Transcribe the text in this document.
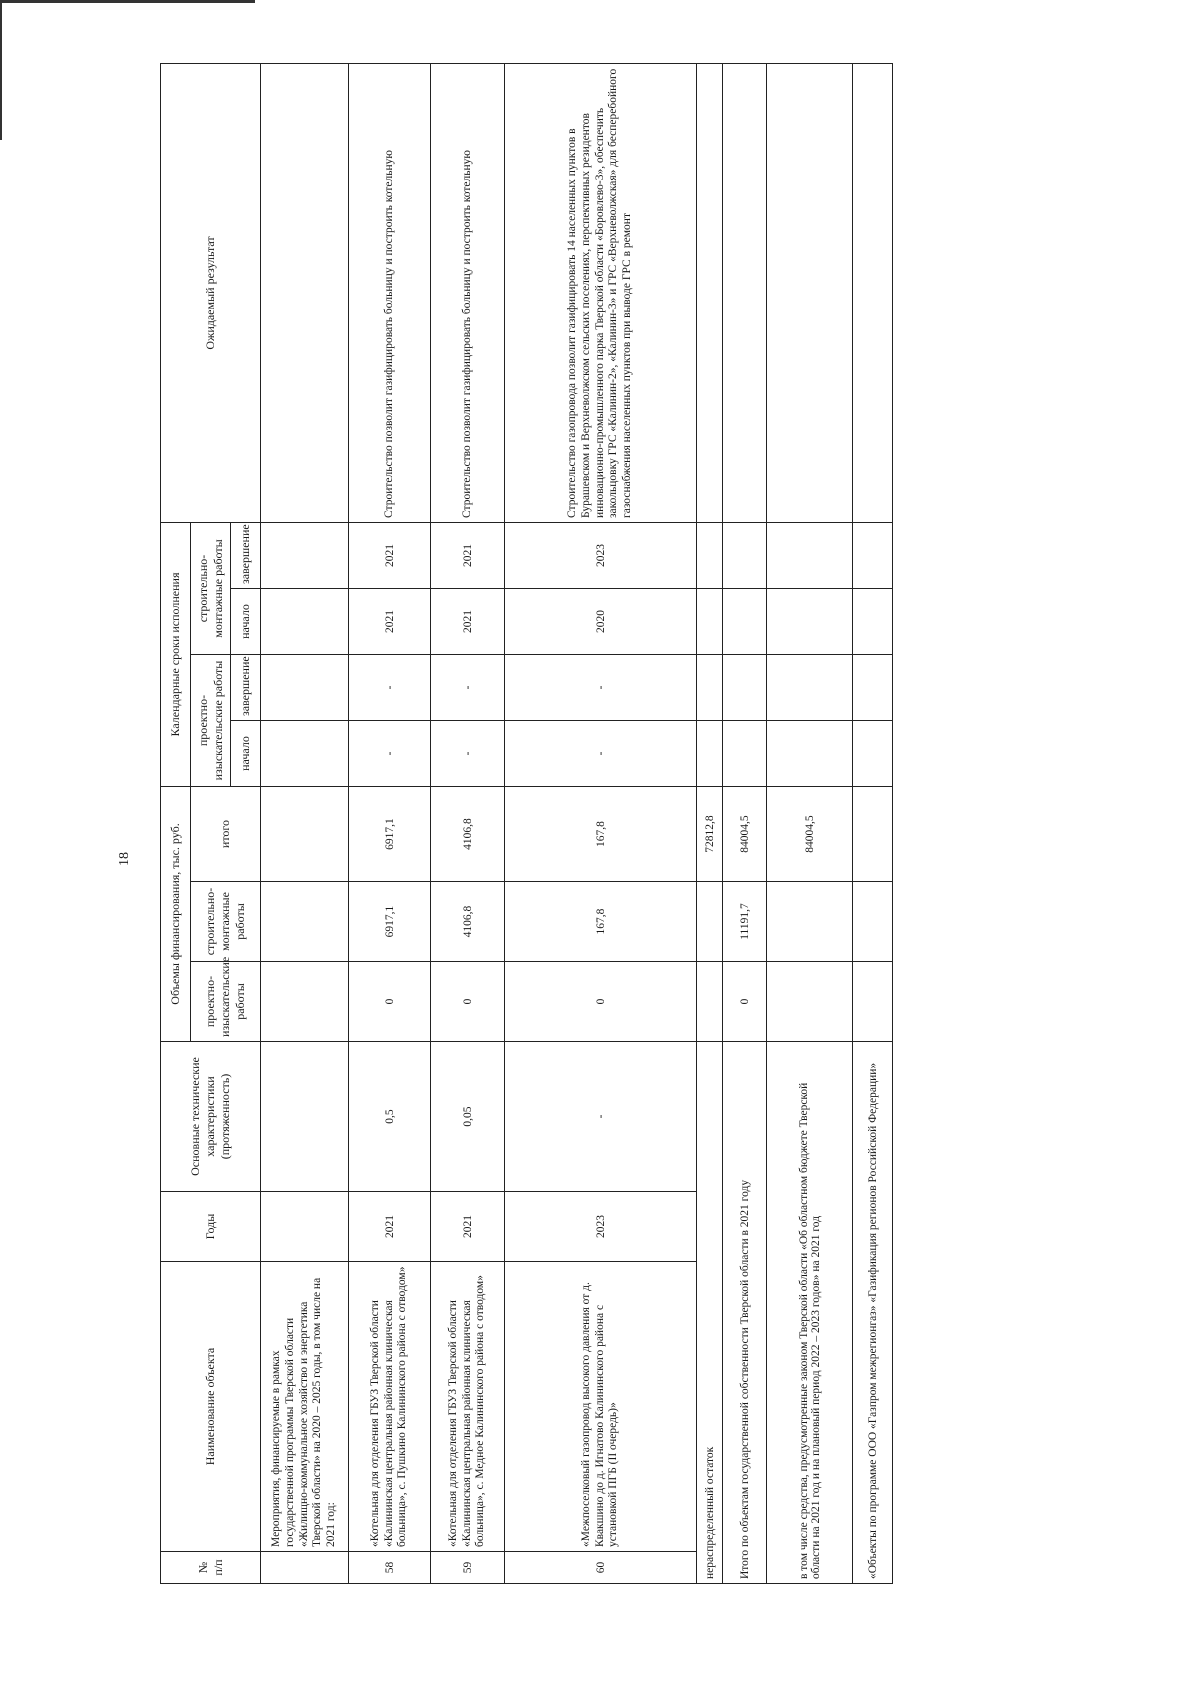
18
№ п/п	Наименование объекта	Годы	Основные технические характеристики (протяженность)	Объемы финансирования, тыс. руб.			Календарные сроки исполнения				Ожидаемый результат
				проектно-изыскательские работы	строительно-монтажные работы	итого	проектно-изыскательские работы		строительно-монтажные работы		
							начало	завершение	начало	завершение	
	Мероприятия, финансируемые в рамках государственной программы Тверской области «Жилищно-коммунальное хозяйство и энергетика Тверской области» на 2020 – 2025 годы, в том числе на 2021 год:										
58	«Котельная для отделения ГБУЗ Тверской области «Калининская центральная районная клиническая больница», с. Пушкино Калининского района с отводом»	2021	0,5	0	6917,1	6917,1	-	-	2021	2021	Строительство позволит газифицировать больницу и построить котельную
59	«Котельная для отделения ГБУЗ Тверской области «Калининская центральная районная клиническая больница», с. Медное Калининского района с отводом»	2021	0,05	0	4106,8	4106,8	-	-	2021	2021	Строительство позволит газифицировать больницу и построить котельную
60	«Межпоселковый газопровод высокого давления от д. Квакшино до д. Игнатово Калининского района с установкой ПГБ (II очередь)»	2023	-	0	167,8	167,8	-	-	2020	2023	Строительство газопровода позволит газифицировать 14 населенных пунктов в Бурашевском и Верхневолжском сельских поселениях, перспективных резидентов инновационно-промышленного парка Тверской области «Боровлево-3», обеспечить закольцовку ГРС «Калинин-2», «Калинин-3» и ГРС «Верхневолжская» для бесперебойного газоснабжения населенных пунктов при выводе ГРС в ремонт
нераспределенный остаток						72812,8					
Итого по объектам государственной собственности Тверской области в 2021 году				0	11191,7	84004,5					
в том числе средства, предусмотренные законом Тверской области «Об областном бюджете Тверской области на 2021 год и на плановый период 2022 – 2023 годов» на 2021 год						84004,5					
«Объекты по программе ООО «Газпром межрегионгаз» «Газификация регионов Российской Федерации»											
